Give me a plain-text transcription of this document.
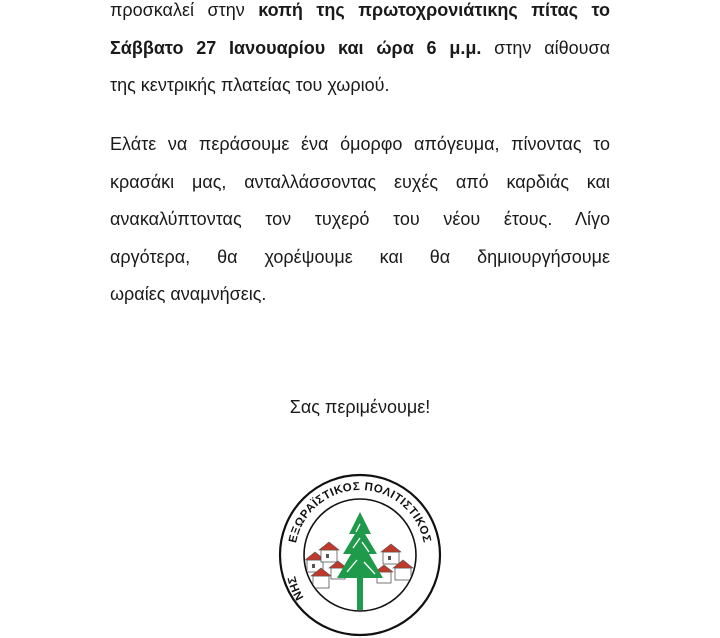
προσκαλεί στην κοπή της πρωτοχρονιάτικης πίτας το
Σάββατο 27 Ιανουαρίου και ώρα 6 μ.μ. στην αίθουσα
της κεντρικής πλατείας του χωριού.

Ελάτε να περάσουμε ένα όμορφο απόγευμα, πίνοντας το
κρασάκι μας, ανταλλάσσοντας ευχές από καρδιάς και
ανακαλύπτοντας τον τυχερό του νέου έτους. Λίγο
αργότερα, θα χορέψουμε και θα δημιουργήσουμε
ωραίες αναμνήσεις.

Σας περιμένουμε!

ΕΞΩΡΑΪΣΤΙΚΟΣ ΠΟΛΙΤΙΣΤΙΚΟΣ
ΝΗΣ
